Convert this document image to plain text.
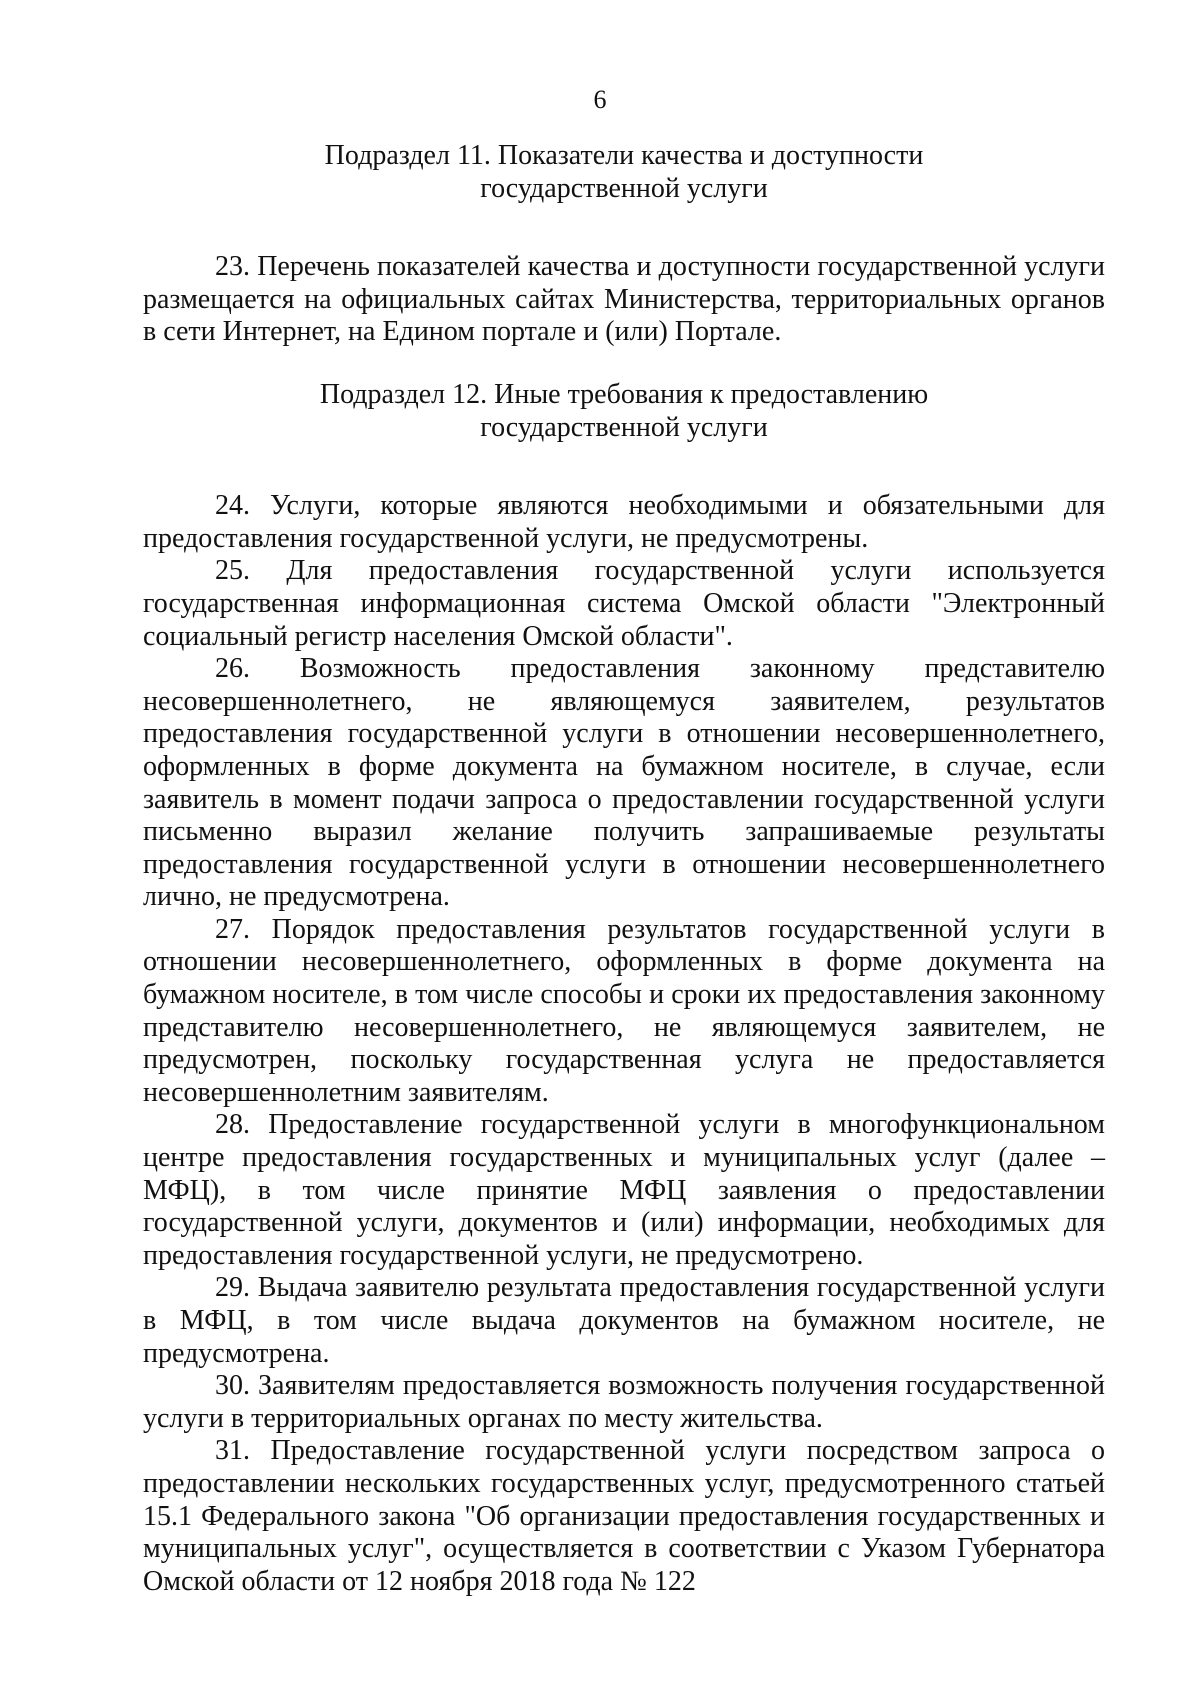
6
Подраздел 11. Показатели качества и доступности
государственной услуги

23. Перечень показателей качества и доступности государственной услуги размещается на официальных сайтах Министерства, территориальных органов в сети Интернет, на Едином портале и (или) Портале.

Подраздел 12. Иные требования к предоставлению
государственной услуги

24. Услуги, которые являются необходимыми и обязательными для предоставления государственной услуги, не предусмотрены.

25. Для предоставления государственной услуги используется государственная информационная система Омской области "Электронный социальный регистр населения Омской области".

26. Возможность предоставления законному представителю несовершеннолетнего, не являющемуся заявителем, результатов предоставления государственной услуги в отношении несовершеннолетнего, оформленных в форме документа на бумажном носителе, в случае, если заявитель в момент подачи запроса о предоставлении государственной услуги письменно выразил желание получить запрашиваемые результаты предоставления государственной услуги в отношении несовершеннолетнего лично, не предусмотрена.

27. Порядок предоставления результатов государственной услуги в отношении несовершеннолетнего, оформленных в форме документа на бумажном носителе, в том числе способы и сроки их предоставления законному представителю несовершеннолетнего, не являющемуся заявителем, не предусмотрен, поскольку государственная услуга не предоставляется несовершеннолетним заявителям.

28. Предоставление государственной услуги в многофункциональном центре предоставления государственных и муниципальных услуг (далее – МФЦ), в том числе принятие МФЦ заявления о предоставлении государственной услуги, документов и (или) информации, необходимых для предоставления государственной услуги, не предусмотрено.

29. Выдача заявителю результата предоставления государственной услуги в МФЦ, в том числе выдача документов на бумажном носителе, не предусмотрена.

30. Заявителям предоставляется возможность получения государственной услуги в территориальных органах по месту жительства.

31. Предоставление государственной услуги посредством запроса о предоставлении нескольких государственных услуг, предусмотренного статьей 15.1 Федерального закона "Об организации предоставления государственных и муниципальных услуг", осуществляется в соответствии с Указом Губернатора Омской области от 12 ноября 2018 года № 122
